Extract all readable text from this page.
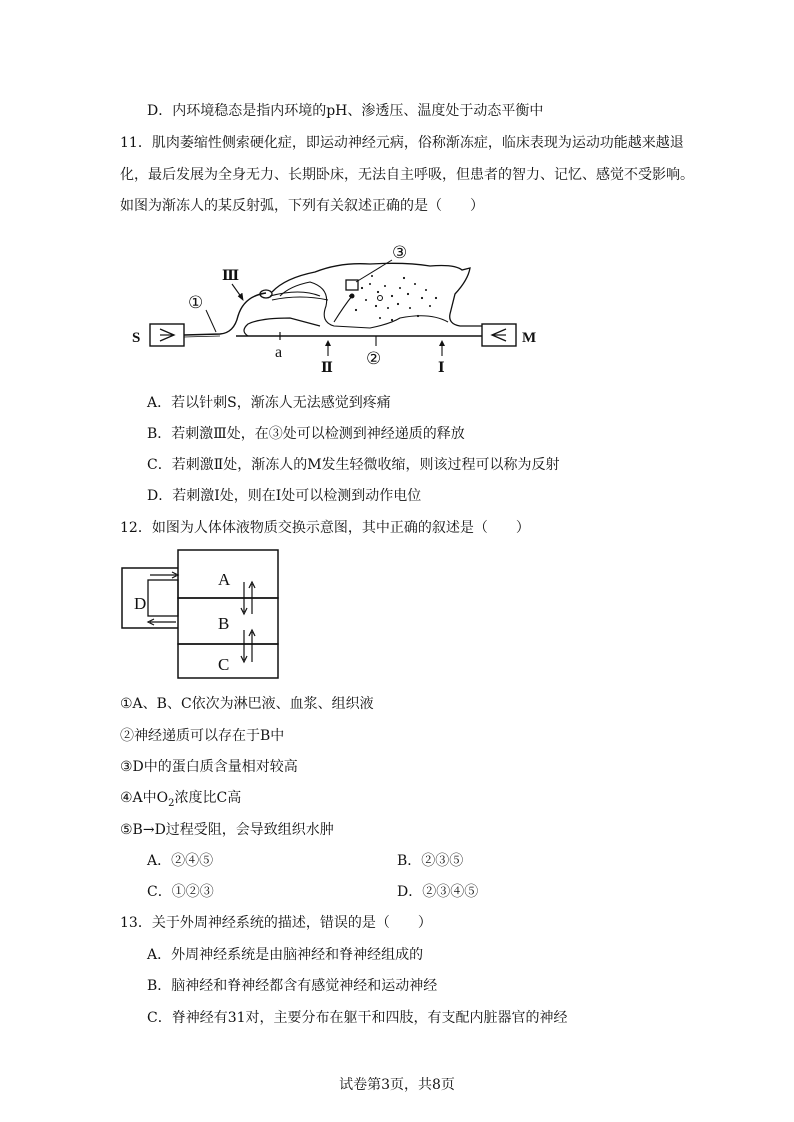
D．内环境稳态是指内环境的pH、渗透压、温度处于动态平衡中
11．肌肉萎缩性侧索硬化症，即运动神经元病，俗称渐冻症，临床表现为运动功能越来越退
化，最后发展为全身无力、长期卧床，无法自主呼吸，但患者的智力、记忆、感觉不受影响。
如图为渐冻人的某反射弧，下列有关叙述正确的是（　　）
S
③
M
①
Ⅲ
a
Ⅱ
②
Ⅰ
A．若以针刺S，渐冻人无法感觉到疼痛
B．若刺激Ⅲ处，在③处可以检测到神经递质的释放
C．若刺激Ⅱ处，渐冻人的M发生轻微收缩，则该过程可以称为反射
D．若刺激Ⅰ处，则在Ⅰ处可以检测到动作电位
12．如图为人体体液物质交换示意图，其中正确的叙述是（　　）
A
B
C
D
①A、B、C依次为淋巴液、血浆、组织液
②神经递质可以存在于B中
③D中的蛋白质含量相对较高
④A中$O_2$浓度比C高
⑤B→D过程受阻，会导致组织水肿
A．②④⑤	B．②③⑤
C．①②③	D．②③④⑤
13．关于外周神经系统的描述，错误的是（　　）
A．外周神经系统是由脑神经和脊神经组成的
B．脑神经和脊神经都含有感觉神经和运动神经
C．脊神经有31对，主要分布在躯干和四肢，有支配内脏器官的神经
试卷第3页，共8页
